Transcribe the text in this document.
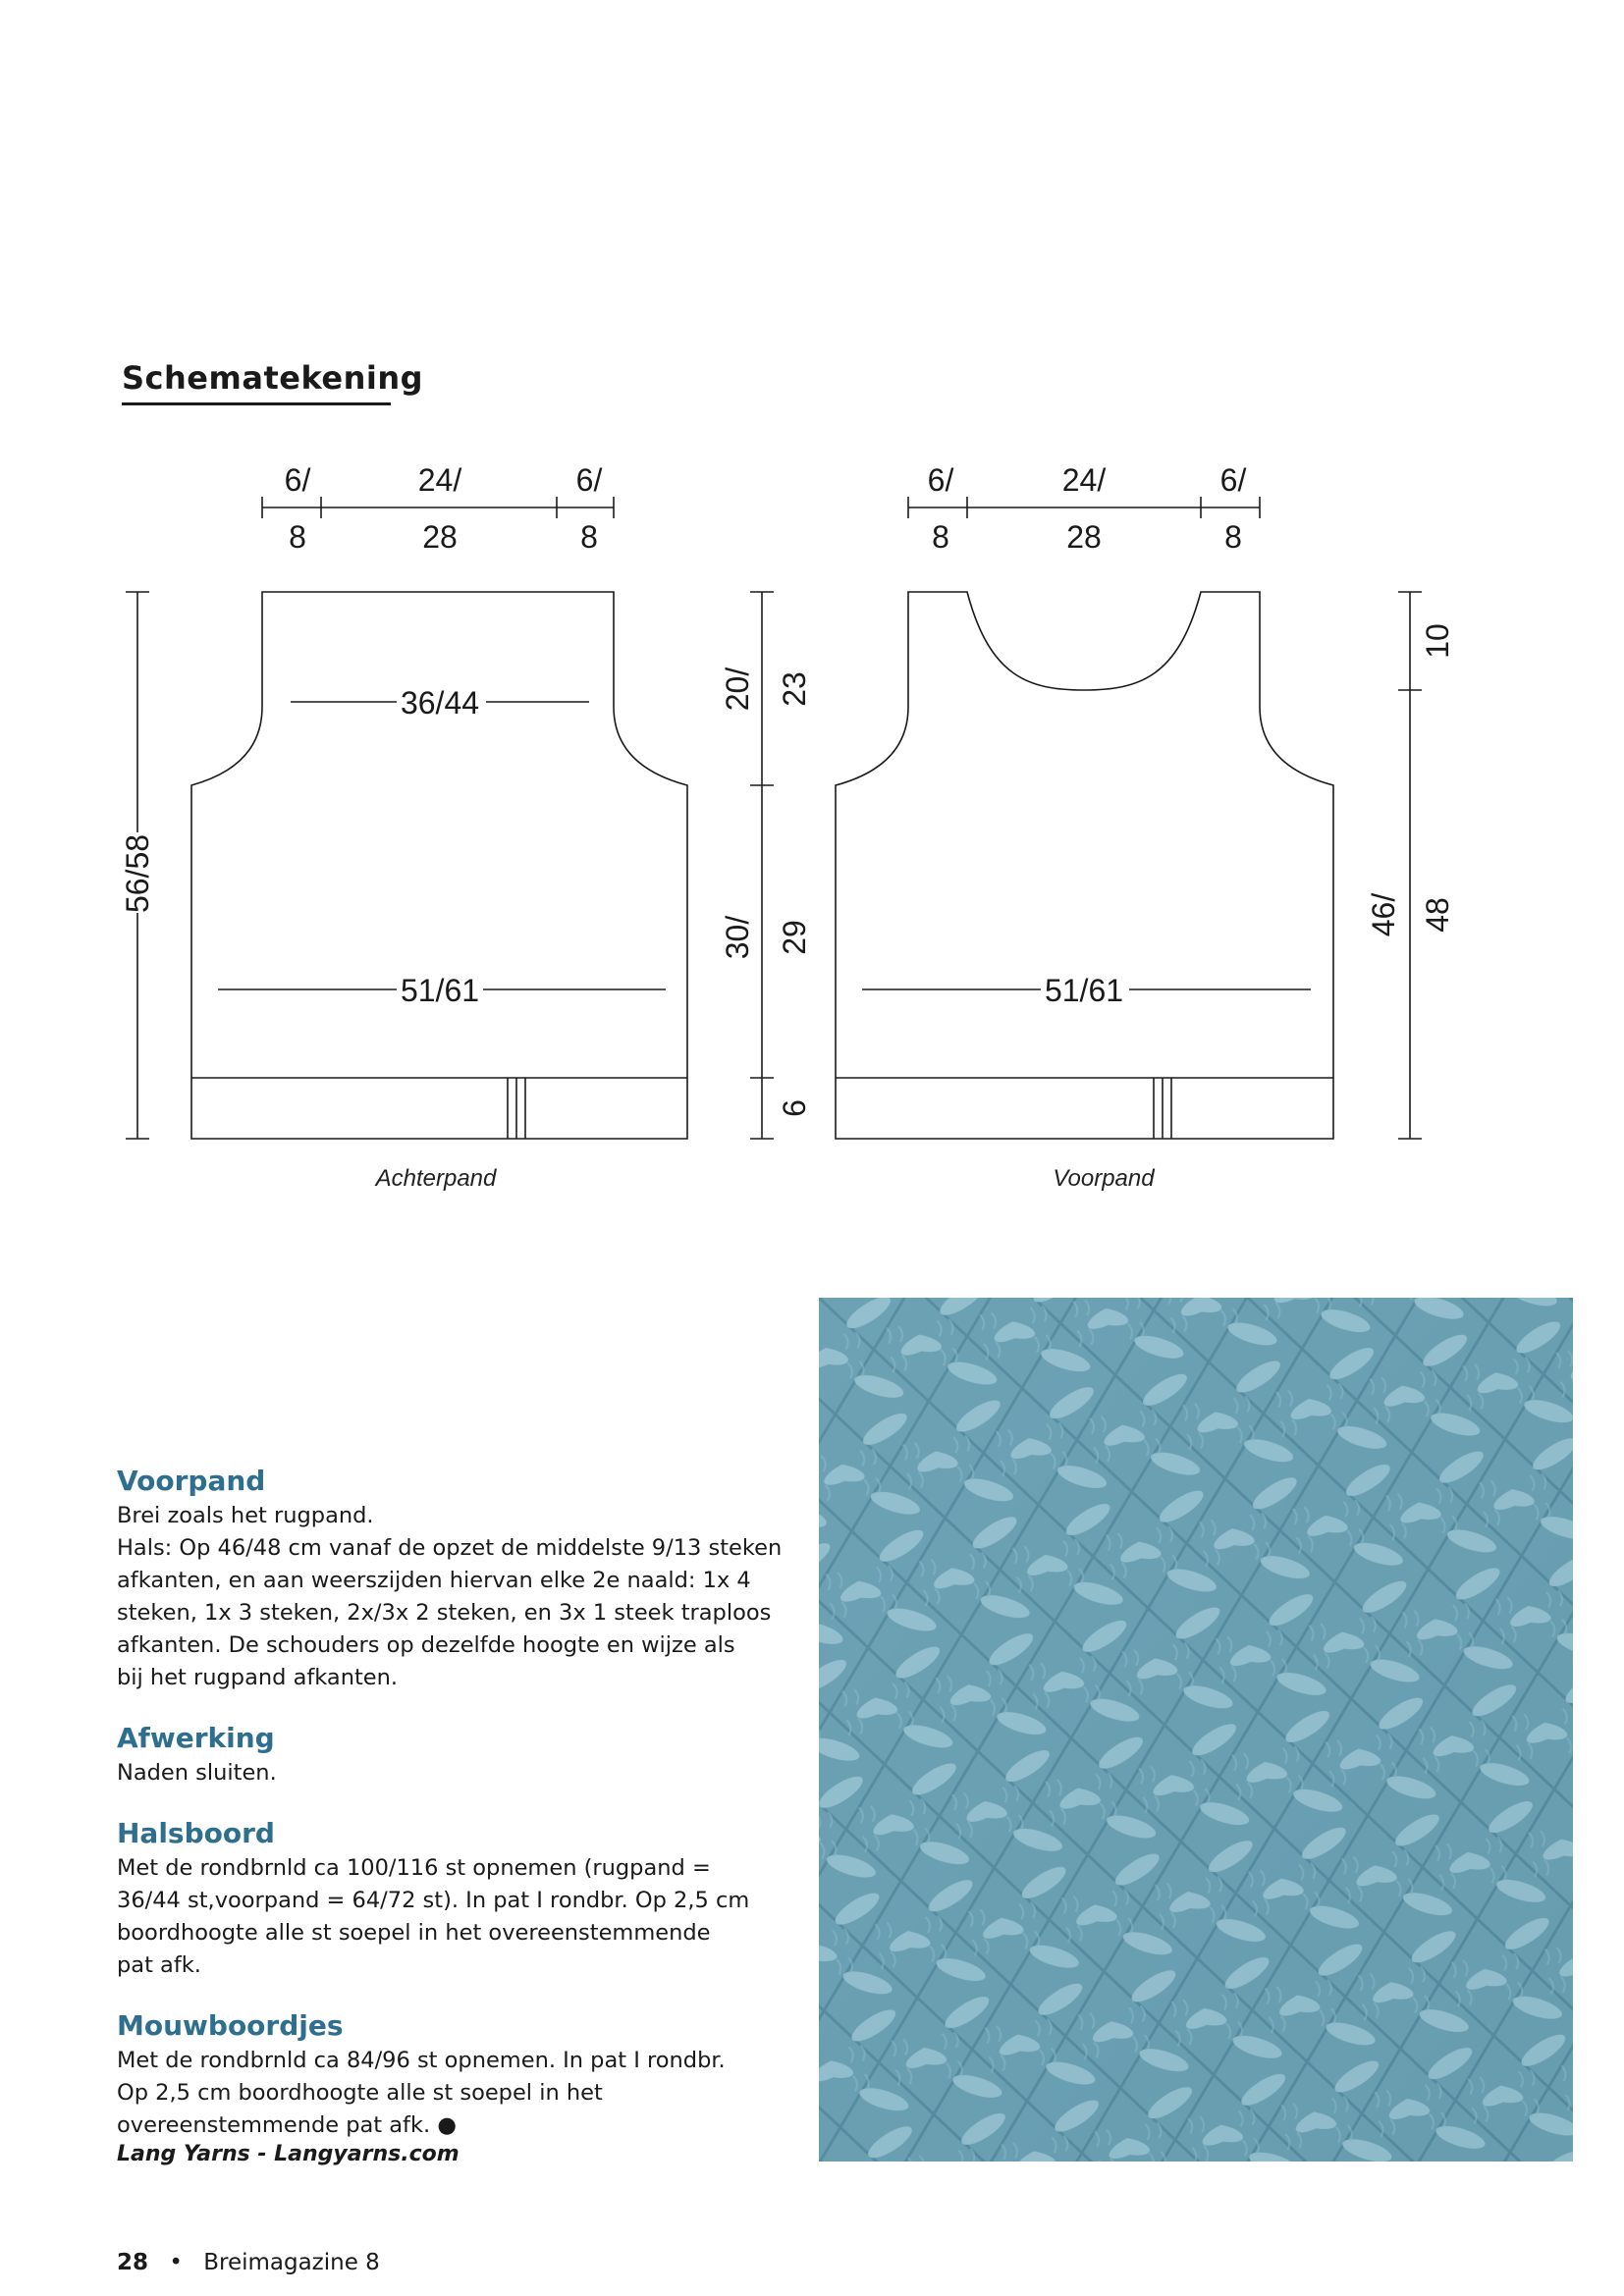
Schematekening
6/
8
24/
28
6/
8
36/44
51/61
56/58
Achterpand
20/ 23
30/ 29
6
6/
8
24/
28
6/
8
51/61
10
46/ 48
Voorpand
Voorpand

Brei zoals het rugpand.
Hals: Op 46/48 cm vanaf de opzet de middelste 9/13 steken
afkanten, en aan weerszijden hiervan elke 2e naald: 1x 4
steken, 1x 3 steken, 2x/3x 2 steken, en 3x 1 steek traploos
afkanten. De schouders op dezelfde hoogte en wijze als
bij het rugpand afkanten.

Afwerking

Naden sluiten.

Halsboord

Met de rondbrnld ca 100/116 st opnemen (rugpand =
36/44 st,voorpand = 64/72 st). In pat I rondbr. Op 2,5 cm
boordhoogte alle st soepel in het overeenstemmende
pat afk.

Mouwboordjes

Met de rondbrnld ca 84/96 st opnemen. In pat I rondbr.
Op 2,5 cm boordhoogte alle st soepel in het
overeenstemmende pat afk. ●

Lang Yarns - Langyarns.com
28 • Breimagazine 8
